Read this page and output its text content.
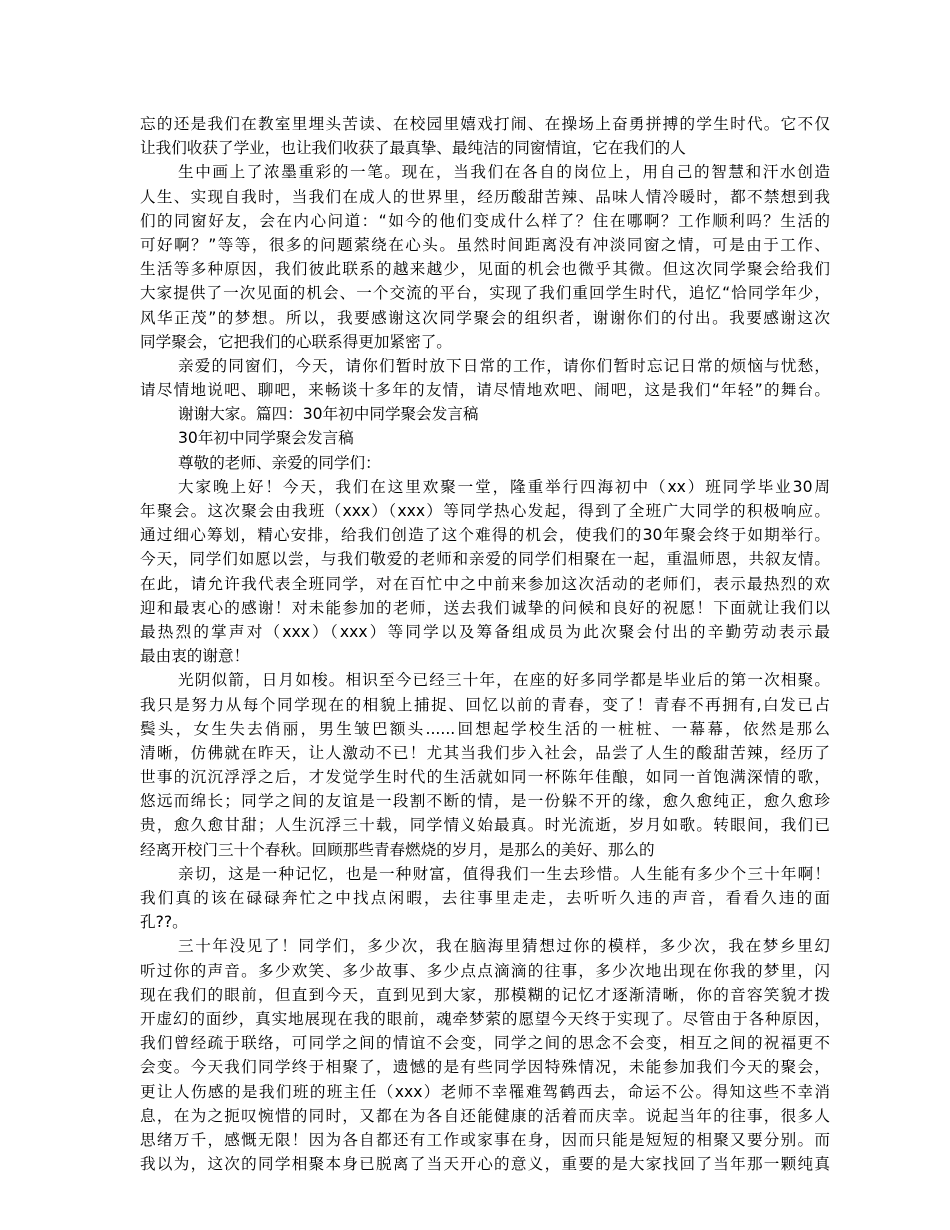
忘的还是我们在教室里埋头苦读、在校园里嬉戏打闹、在操场上奋勇拼搏的学生时代。它不仅
让我们收获了学业，也让我们收获了最真挚、最纯洁的同窗情谊，它在我们的人
生中画上了浓墨重彩的一笔。现在，当我们在各自的岗位上，用自己的智慧和汗水创造
人生、实现自我时，当我们在成人的世界里，经历酸甜苦辣、品味人情冷暖时，都不禁想到我
们的同窗好友，会在内心问道：“如今的他们变成什么样了？住在哪啊？工作顺利吗？生活的
可好啊？”等等，很多的问题萦绕在心头。虽然时间距离没有冲淡同窗之情，可是由于工作、
生活等多种原因，我们彼此联系的越来越少，见面的机会也微乎其微。但这次同学聚会给我们
大家提供了一次见面的机会、一个交流的平台，实现了我们重回学生时代，追忆“恰同学年少，
风华正茂”的梦想。所以，我要感谢这次同学聚会的组织者，谢谢你们的付出。我要感谢这次
同学聚会，它把我们的心联系得更加紧密了。
亲爱的同窗们，今天，请你们暂时放下日常的工作，请你们暂时忘记日常的烦恼与忧愁，
请尽情地说吧、聊吧，来畅谈十多年的友情，请尽情地欢吧、闹吧，这是我们“年轻”的舞台。
谢谢大家。篇四：30年初中同学聚会发言稿
30年初中同学聚会发言稿
尊敬的老师、亲爱的同学们：
大家晚上好！今天，我们在这里欢聚一堂，隆重举行四海初中（xx）班同学毕业30周
年聚会。这次聚会由我班（xxx）（xxx）等同学热心发起，得到了全班广大同学的积极响应。
通过细心筹划，精心安排，给我们创造了这个难得的机会，使我们的30年聚会终于如期举行。
今天，同学们如愿以尝，与我们敬爱的老师和亲爱的同学们相聚在一起，重温师恩，共叙友情。
在此，请允许我代表全班同学，对在百忙中之中前来参加这次活动的老师们，表示最热烈的欢
迎和最衷心的感谢！对未能参加的老师，送去我们诚挚的问候和良好的祝愿！下面就让我们以
最热烈的掌声对（xxx）（xxx）等同学以及筹备组成员为此次聚会付出的辛勤劳动表示最
最由衷的谢意！
光阴似箭，日月如梭。相识至今已经三十年，在座的好多同学都是毕业后的第一次相聚。
我只是努力从每个同学现在的相貌上捕捉、回忆以前的青春，变了！青春不再拥有,白发已占
鬓头，女生失去俏丽，男生皱巴额头......回想起学校生活的一桩桩、一幕幕，依然是那么
清晰，仿佛就在昨天，让人激动不已！尤其当我们步入社会，品尝了人生的酸甜苦辣，经历了
世事的沉沉浮浮之后，才发觉学生时代的生活就如同一杯陈年佳酿，如同一首饱满深情的歌，
悠远而绵长；同学之间的友谊是一段割不断的情，是一份躲不开的缘，愈久愈纯正，愈久愈珍
贵，愈久愈甘甜；人生沉浮三十载，同学情义始最真。时光流逝，岁月如歌。转眼间，我们已
经离开校门三十个春秋。回顾那些青春燃烧的岁月，是那么的美好、那么的
亲切，这是一种记忆，也是一种财富，值得我们一生去珍惜。人生能有多少个三十年啊！
我们真的该在碌碌奔忙之中找点闲暇，去往事里走走，去听听久违的声音，看看久违的面
孔??。
三十年没见了！同学们，多少次，我在脑海里猜想过你的模样，多少次，我在梦乡里幻
听过你的声音。多少欢笑、多少故事、多少点点滴滴的往事，多少次地出现在你我的梦里，闪
现在我们的眼前，但直到今天，直到见到大家，那模糊的记忆才逐渐清晰，你的音容笑貌才拨
开虚幻的面纱，真实地展现在我的眼前，魂牵梦萦的愿望今天终于实现了。尽管由于各种原因，
我们曾经疏于联络，可同学之间的情谊不会变，同学之间的思念不会变，相互之间的祝福更不
会变。今天我们同学终于相聚了，遗憾的是有些同学因特殊情况，未能参加我们今天的聚会，
更让人伤感的是我们班的班主任（xxx）老师不幸罹难驾鹤西去，命运不公。得知这些不幸消
息，在为之扼叹惋惜的同时，又都在为各自还能健康的活着而庆幸。说起当年的往事，很多人
思绪万千，感慨无限！因为各自都还有工作或家事在身，因而只能是短短的相聚又要分别。而
我以为，这次的同学相聚本身已脱离了当天开心的意义，重要的是大家找回了当年那一颗纯真
